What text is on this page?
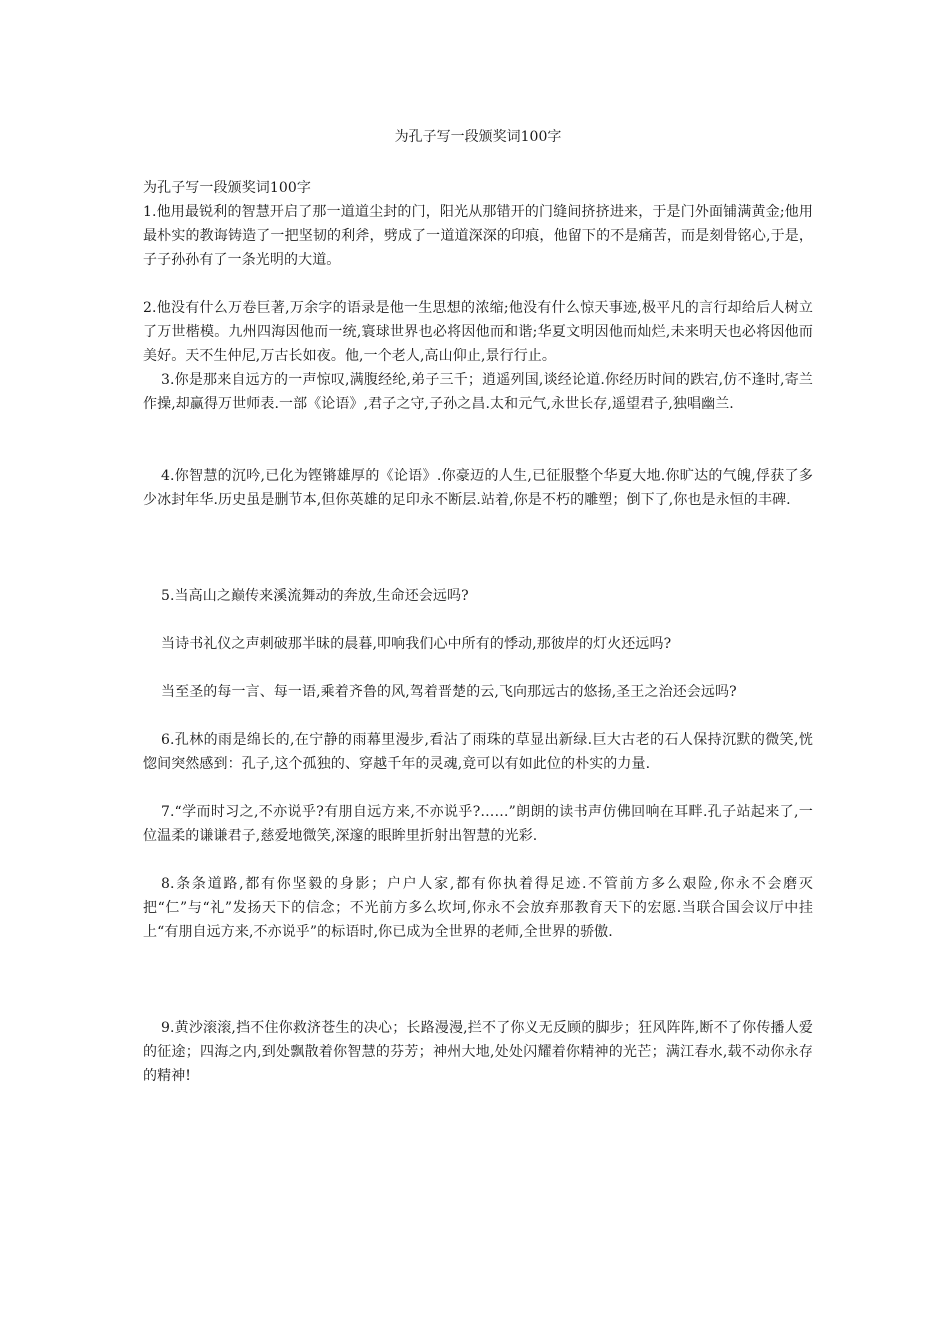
为孔子写一段颁奖词100字

为孔子写一段颁奖词100字

1.他用最锐利的智慧开启了那一道道尘封的门，阳光从那错开的门缝间挤挤进来，于是门外面铺满黄金;他用最朴实的教诲铸造了一把坚韧的利斧，劈成了一道道深深的印痕，他留下的不是痛苦，而是刻骨铭心,于是，子子孙孙有了一条光明的大道。

2.他没有什么万卷巨著,万余字的语录是他一生思想的浓缩;他没有什么惊天事迹,极平凡的言行却给后人树立了万世楷模。九州四海因他而一统,寰球世界也必将因他而和谐;华夏文明因他而灿烂,未来明天也必将因他而美好。天不生仲尼,万古长如夜。他,一个老人,高山仰止,景行行止。

3.你是那来自远方的一声惊叹,满腹经纶,弟子三千；逍遥列国,谈经论道.你经历时间的跌宕,仿不逢时,寄兰作操,却赢得万世师表.一部《论语》,君子之守,子孙之昌.太和元气,永世长存,遥望君子,独唱幽兰.

4.你智慧的沉吟,已化为铿锵雄厚的《论语》.你豪迈的人生,已征服整个华夏大地.你旷达的气魄,俘获了多少冰封年华.历史虽是删节本,但你英雄的足印永不断层.站着,你是不朽的雕塑；倒下了,你也是永恒的丰碑.

5.当高山之巅传来溪流舞动的奔放,生命还会远吗?

当诗书礼仪之声刺破那半昧的晨暮,叩响我们心中所有的悸动,那彼岸的灯火还远吗?

当至圣的每一言、每一语,乘着齐鲁的风,驾着晋楚的云,飞向那远古的悠扬,圣王之治还会远吗?

6.孔林的雨是绵长的,在宁静的雨幕里漫步,看沾了雨珠的草显出新绿.巨大古老的石人保持沉默的微笑,恍惚间突然感到：孔子,这个孤独的、穿越千年的灵魂,竟可以有如此位的朴实的力量.

7.“学而时习之,不亦说乎?有朋自远方来,不亦说乎?……”朗朗的读书声仿佛回响在耳畔.孔子站起来了,一位温柔的谦谦君子,慈爱地微笑,深邃的眼眸里折射出智慧的光彩.

8.条条道路,都有你坚毅的身影；户户人家,都有你执着得足迹.不管前方多么艰险,你永不会磨灭把“仁”与“礼”发扬天下的信念；不光前方多么坎坷,你永不会放弃那教育天下的宏愿.当联合国会议厅中挂上“有朋自远方来,不亦说乎”的标语时,你已成为全世界的老师,全世界的骄傲.

9.黄沙滚滚,挡不住你救济苍生的决心；长路漫漫,拦不了你义无反顾的脚步；狂风阵阵,断不了你传播人爱的征途；四海之内,到处飘散着你智慧的芬芳；神州大地,处处闪耀着你精神的光芒；满江春水,载不动你永存的精神!
